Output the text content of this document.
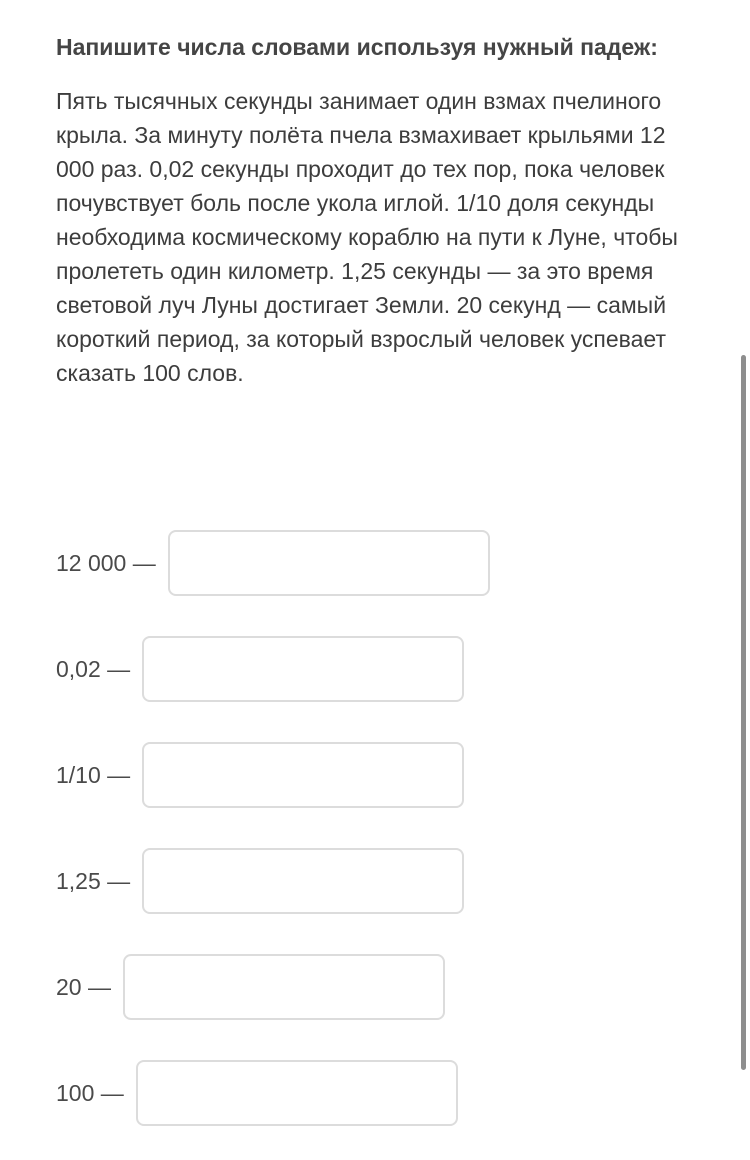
Напишите числа словами используя нужный падеж:
Пять тысячных секунды занимает один взмах пчелиного крыла. За минуту полёта пчела взмахивает крыльями 12 000 раз. 0,02 секунды проходит до тех пор, пока человек почувствует боль после укола иглой. 1/10 доля секунды необходима космическому кораблю на пути к Луне, чтобы пролететь один километр. 1,25 секунды — за это время световой луч Луны достигает Земли. 20 секунд — самый короткий период, за который взрослый человек успевает сказать 100 слов.
12 000 —
0,02 —
1/10 —
1,25 —
20 —
100 —
